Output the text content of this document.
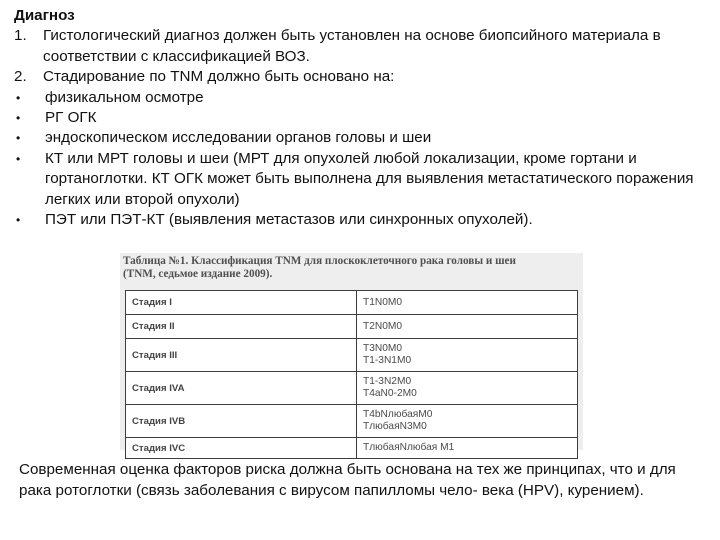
Диагноз
1.	Гистологический диагноз должен быть установлен на основе биопсийного материала в соответствии с классификацией ВОЗ.
2.	Стадирование по TNM должно быть основано на:
•	физикальном осмотре
•	РГ ОГК
•	эндоскопическом исследовании органов головы и шеи
•	КТ или МРТ головы и шеи (МРТ для опухолей любой локализации, кроме гортани и гортаноглотки. КТ ОГК может быть выполнена для выявления метастатического поражения легких или второй опухоли)
•	ПЭТ или ПЭТ-КТ (выявления метастазов или синхронных опухолей).
Таблица №1. Классификация TNM для плоскоклеточного рака головы и шеи
(TNM, седьмое издание 2009).
Стадия I	T1N0M0

Стадия II	T2N0M0

Стадия III	T3N0M0
T1-3N1M0

Стадия IVA	T1-3N2M0
T4aN0-2M0

Стадия IVB	T4bNлюбаяM0
TлюбаяN3M0

Стадия IVC	TлюбаяNлюбая M1
Современная оценка факторов риска должна быть основана на тех же принципах, что и для рака ротоглотки (связь заболевания с вирусом папилломы чело- века (HPV), курением).
